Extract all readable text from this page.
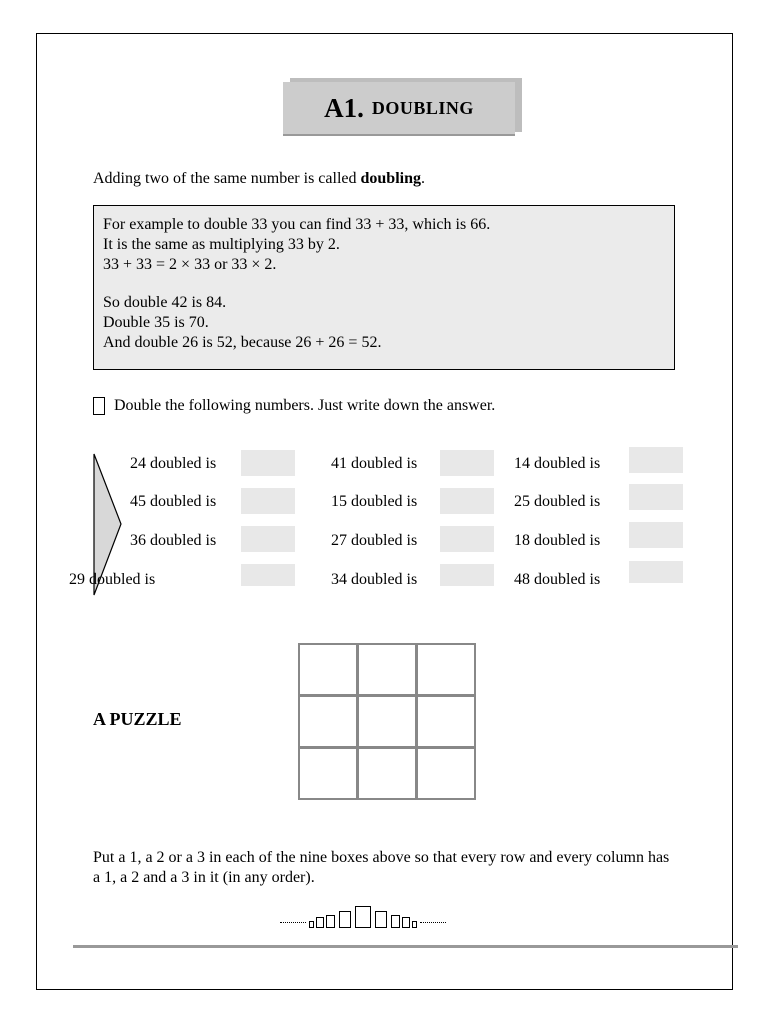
A1 . DOUBLING
Adding two of the same number is called doubling.
For example to double 33 you can find 33 + 33, which is 66.
It is the same as multiplying 33 by 2.
33 + 33 = 2 × 33 or 33 × 2.
So double 42 is 84.
Double 35 is 70.
And double 26 is 52, because 26 + 26 = 52.
Double the following numbers. Just write down the answer.
24 doubled is	41 doubled is	14 doubled is
45 doubled is	15 doubled is	25 doubled is
36 doubled is	27 doubled is	18 doubled is
29 doubled is	34 doubled is	48 doubled is
A PUZZLE
Put a 1, a 2 or a 3 in each of the nine boxes above so that every row and every column has a 1, a 2 and a 3 in it (in any order).
